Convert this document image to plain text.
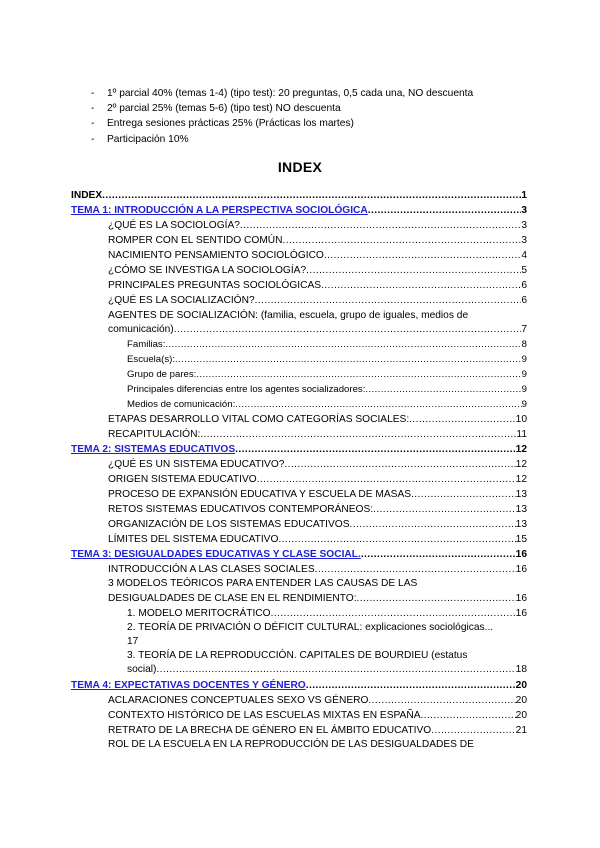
-	1º parcial 40% (temas 1-4) (tipo test): 20 preguntas, 0,5 cada una, NO descuenta
-	2º parcial 25% (temas 5-6) (tipo test) NO descuenta
-	Entrega sesiones prácticas 25% (Prácticas los martes)
-	Participación 10%
INDEX
INDEX .....	1
TEMA 1: INTRODUCCIÓN A LA PERSPECTIVA SOCIOLÓGICA .....	3
¿QUÉ ES LA SOCIOLOGÍA? .....	3
ROMPER CON EL SENTIDO COMÚN .....	3
NACIMIENTO PENSAMIENTO SOCIOLÓGICO .....	4
¿CÓMO SE INVESTIGA LA SOCIOLOGÍA? .....	5
PRINCIPALES PREGUNTAS SOCIOLÓGICAS .....	6
¿QUÉ ES LA SOCIALIZACIÓN? .....	6
AGENTES DE SOCIALIZACIÓN: (familia, escuela, grupo de iguales, medios de
comunicación) .....	7
Familias: .....	8
Escuela(s): .....	9
Grupo de pares: .....	9
Principales diferencias entre los agentes socializadores: .....	9
Medios de comunicación: .....	9
ETAPAS DESARROLLO VITAL COMO CATEGORÍAS SOCIALES: .....	10
RECAPITULACIÓN: .....	11
TEMA 2: SISTEMAS EDUCATIVOS .....	12
¿QUÉ ES UN SISTEMA EDUCATIVO? .....	12
ORIGEN SISTEMA EDUCATIVO .....	12
PROCESO DE EXPANSIÓN EDUCATIVA Y ESCUELA DE MASAS .....	13
RETOS SISTEMAS EDUCATIVOS CONTEMPORÁNEOS: .....	13
ORGANIZACIÓN DE LOS SISTEMAS EDUCATIVOS .....	13
LÍMITES DEL SISTEMA EDUCATIVO .....	15
TEMA 3: DESIGUALDADES EDUCATIVAS Y CLASE SOCIAL. .....	16
INTRODUCCIÓN A LAS CLASES SOCIALES .....	16
3 MODELOS TEÓRICOS PARA ENTENDER LAS CAUSAS DE LAS
DESIGUALDADES DE CLASE EN EL RENDIMIENTO: .....	16
1. MODELO MERITOCRÁTICO .....	16
2. TEORÍA DE PRIVACIÓN O DÉFICIT CULTURAL: explicaciones sociológicas...
17
3. TEORÍA DE LA REPRODUCCIÓN. CAPITALES DE BOURDIEU (estatus
social) .....	18
TEMA 4: EXPECTATIVAS DOCENTES Y GÉNERO .....	20
ACLARACIONES CONCEPTUALES SEXO VS GÉNERO .....	20
CONTEXTO HISTÓRICO DE LAS ESCUELAS MIXTAS EN ESPAÑA .....	20
RETRATO DE LA BRECHA DE GÉNERO EN EL ÁMBITO EDUCATIVO .....	21
ROL DE LA ESCUELA EN LA REPRODUCCIÓN DE LAS DESIGUALDADES DE
